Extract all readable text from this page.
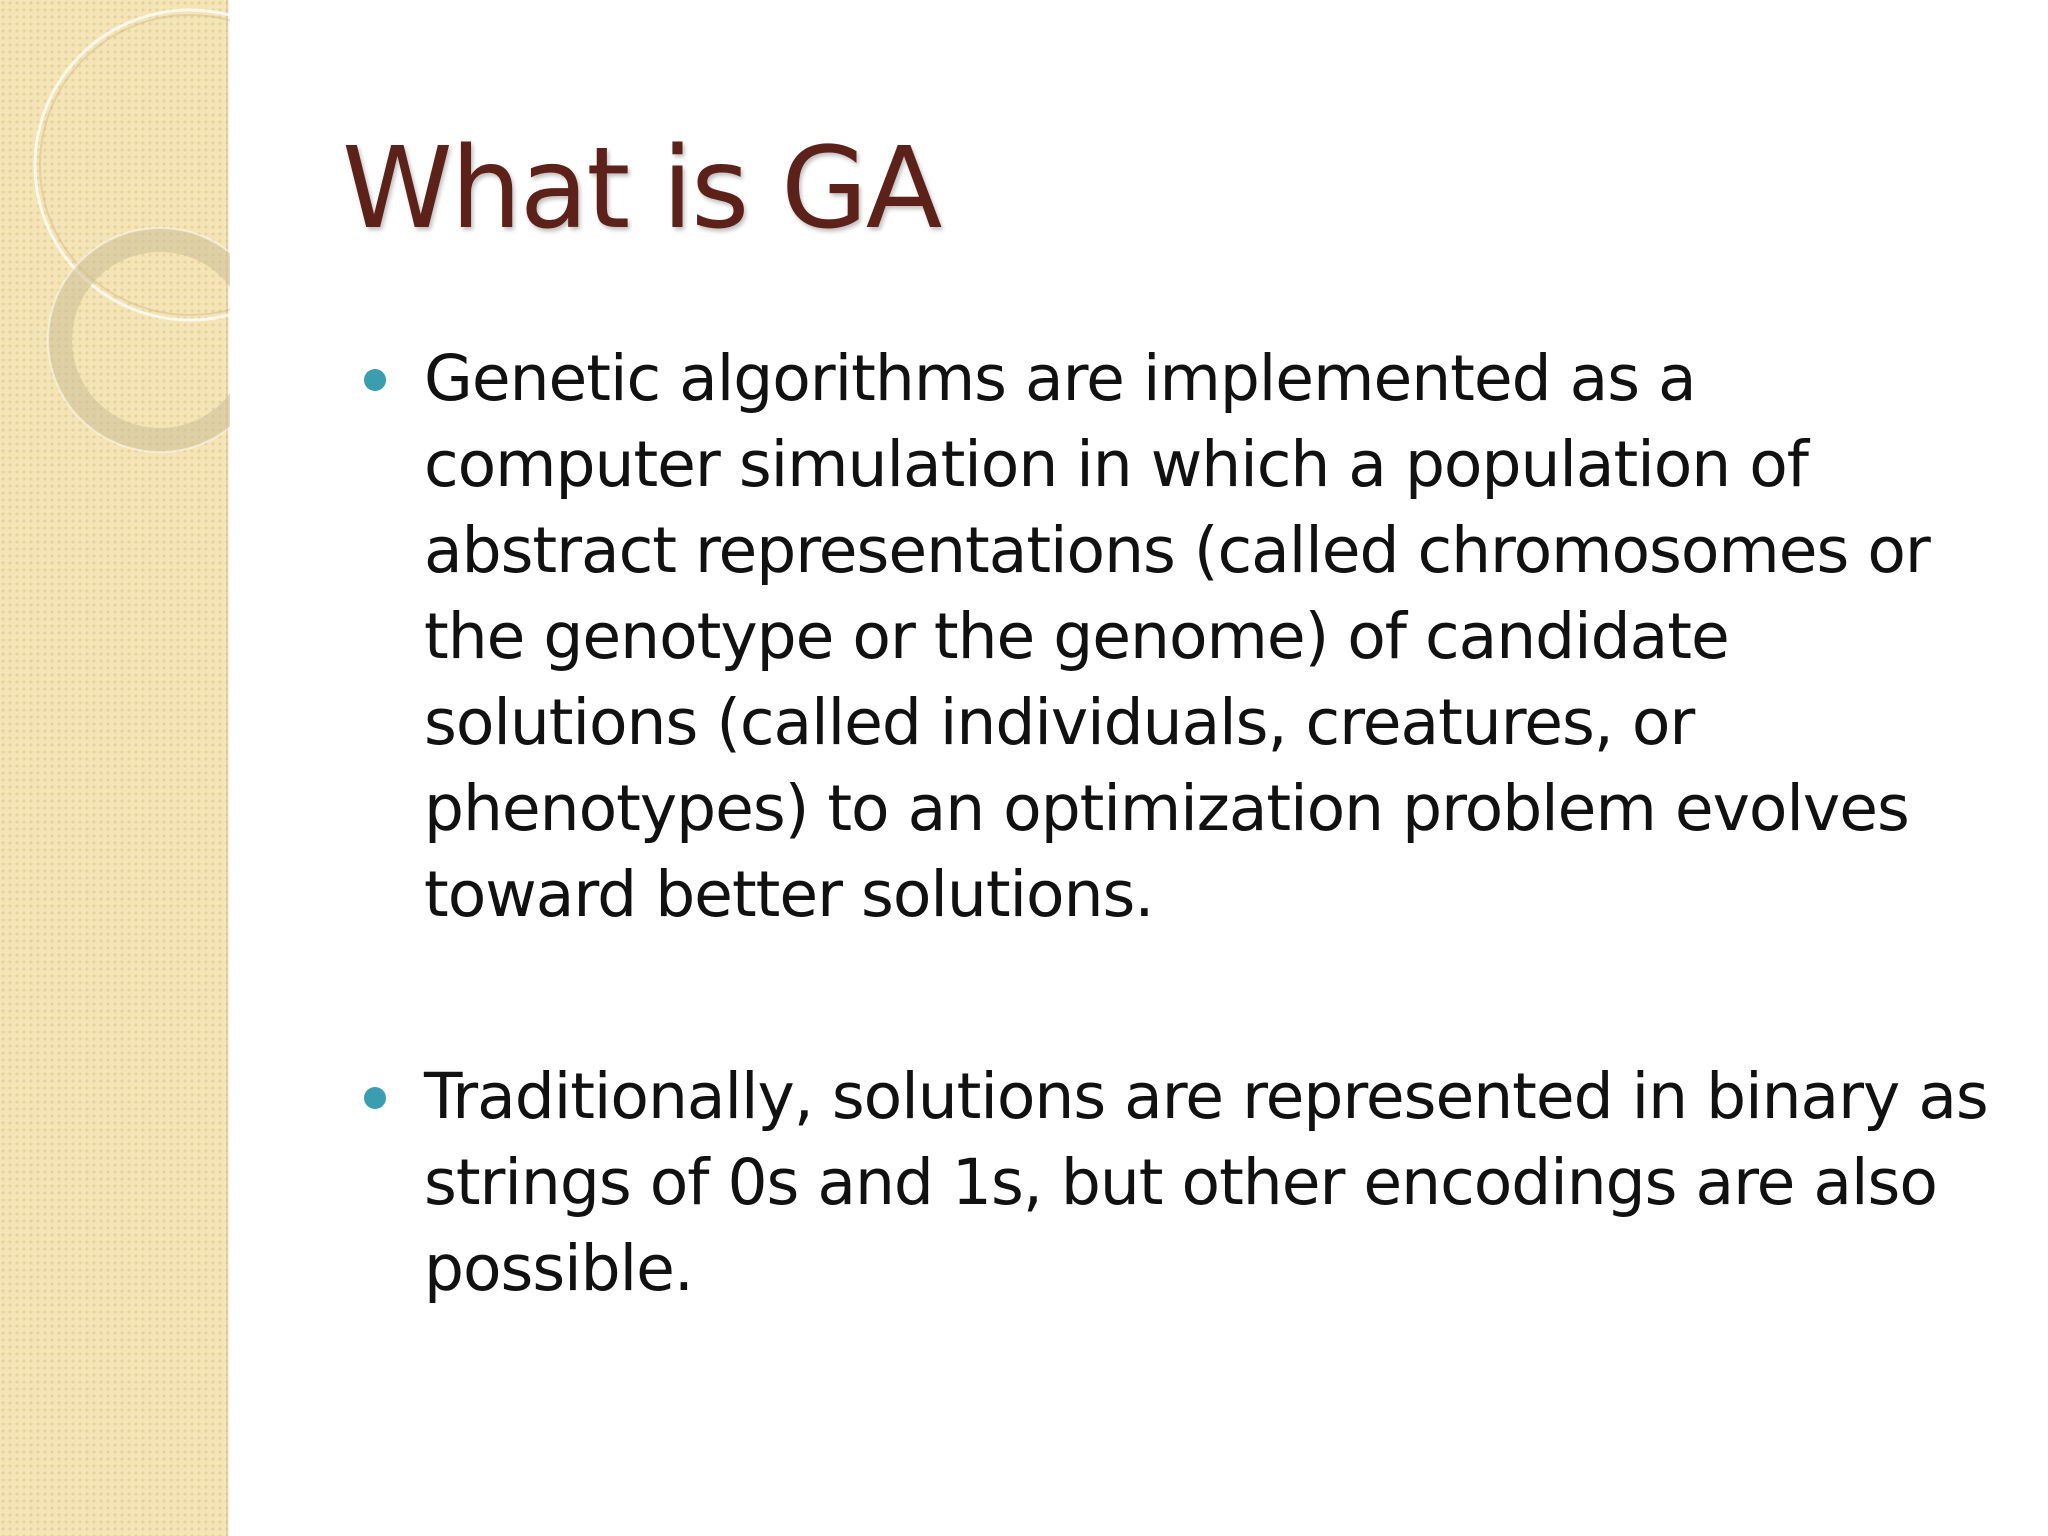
What is GA
Genetic algorithms are implemented as a computer simulation in which a population of abstract representations (called chromosomes or the genotype or the genome) of candidate solutions (called individuals, creatures, or phenotypes) to an optimization problem evolves toward better solutions.
Traditionally, solutions are represented in binary as strings of 0s and 1s, but other encodings are also possible.
